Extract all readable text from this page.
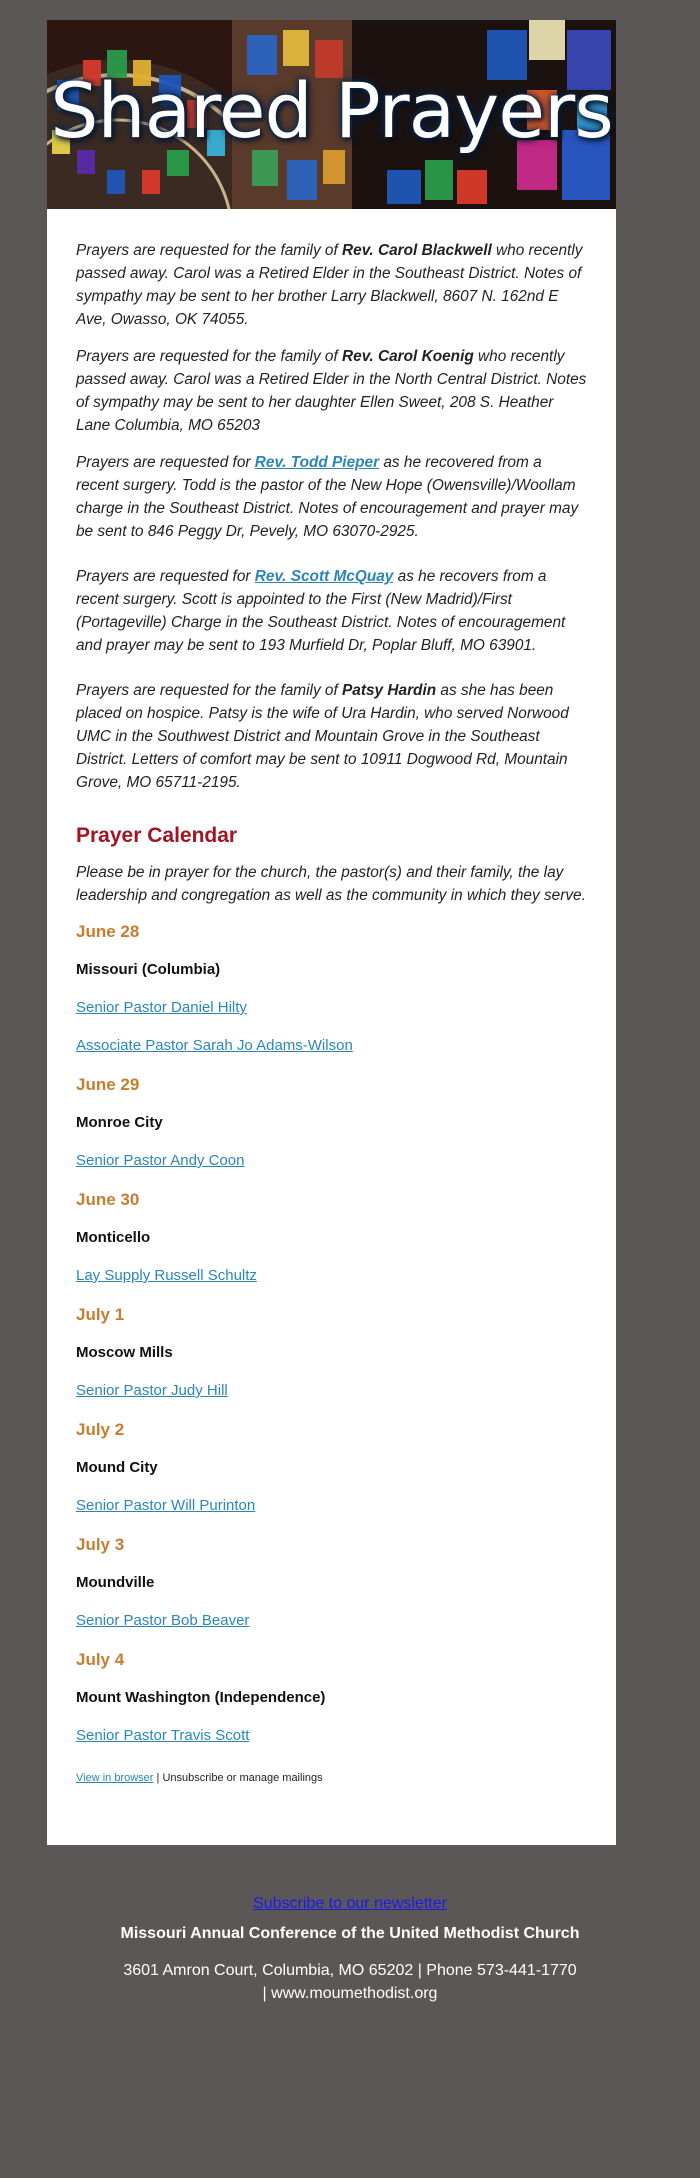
Shared Prayers

Prayers are requested for the family of Rev. Carol Blackwell who recently passed away. Carol was a Retired Elder in the Southeast District. Notes of sympathy may be sent to her brother Larry Blackwell, 8607 N. 162nd E Ave, Owasso, OK 74055.

Prayers are requested for the family of Rev. Carol Koenig who recently passed away. Carol was a Retired Elder in the North Central District. Notes of sympathy may be sent to her daughter Ellen Sweet, 208 S. Heather Lane Columbia, MO 65203

Prayers are requested for Rev. Todd Pieper as he recovered from a recent surgery. Todd is the pastor of the New Hope (Owensville)/Woollam charge in the Southeast District. Notes of encouragement and prayer may be sent to 846 Peggy Dr, Pevely, MO 63070-2925.

Prayers are requested for Rev. Scott McQuay as he recovers from a recent surgery. Scott is appointed to the First (New Madrid)/First (Portageville) Charge in the Southeast District. Notes of encouragement and prayer may be sent to 193 Murfield Dr, Poplar Bluff, MO 63901.

Prayers are requested for the family of Patsy Hardin as she has been placed on hospice. Patsy is the wife of Ura Hardin, who served Norwood UMC in the Southwest District and Mountain Grove in the Southeast District. Letters of comfort may be sent to 10911 Dogwood Rd, Mountain Grove, MO 65711-2195.

Prayer Calendar

Please be in prayer for the church, the pastor(s) and their family, the lay leadership and congregation as well as the community in which they serve.

June 28
Missouri (Columbia)
Senior Pastor Daniel Hilty
Associate Pastor Sarah Jo Adams-Wilson
June 29
Monroe City
Senior Pastor Andy Coon
June 30
Monticello
Lay Supply Russell Schultz
July 1
Moscow Mills
Senior Pastor Judy Hill
July 2
Mound City
Senior Pastor Will Purinton
July 3
Moundville
Senior Pastor Bob Beaver
July 4
Mount Washington (Independence)
Senior Pastor Travis Scott
View in browser | Unsubscribe or manage mailings
Subscribe to our newsletter
Missouri Annual Conference of the United Methodist Church
3601 Amron Court, Columbia, MO 65202 | Phone 573-441-1770 | www.moumethodist.org
